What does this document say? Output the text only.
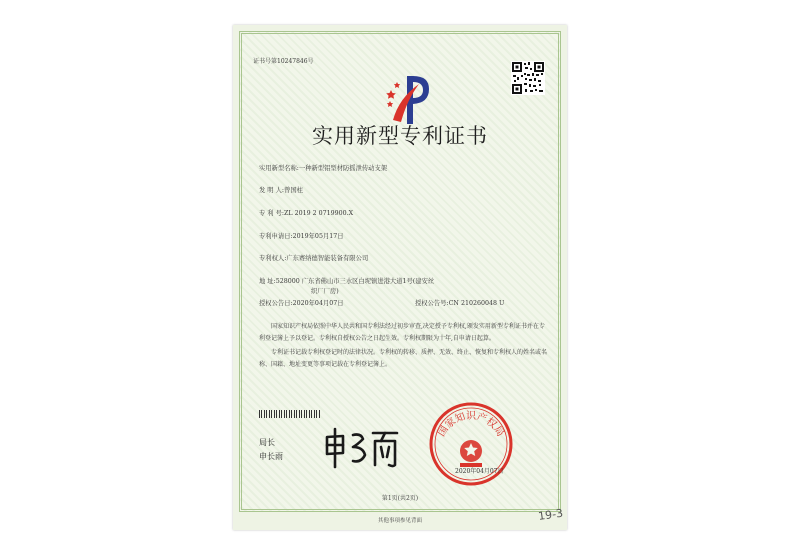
证书号第10247846号
实用新型专利证书
实用新型名称:一种新型铝型材防摇泄传动支架
发 明 人:曾国柱
专 利 号:ZL 2019 2 0719900.X
专利申请日:2019年05月17日
专利权人:广东赛纳德智能装备有限公司
地 址:528000 广东省佛山市三水区白坭镇进港大道1号(建安丝
织厂厂房)
授权公告日:2020年04月07日	授权公告号:CN 210260048 U
国家知识产权局依照中华人民共和国专利法经过初步审查,决定授予专利权,颁发实用新型专利证书并在专利登记簿上予以登记。专利权自授权公告之日起生效。专利权期限为十年,自申请日起算。
专利证书记载专利权登记时的法律状况。专利权的转移、质押、无效、终止、恢复和专利权人的姓名或名称、国籍、地址变更等事项记载在专利登记簿上。
局长
申长雨
国家知识产权局
2020年04月07日
第1页(共2页)
其他事项参见背面	19-3
